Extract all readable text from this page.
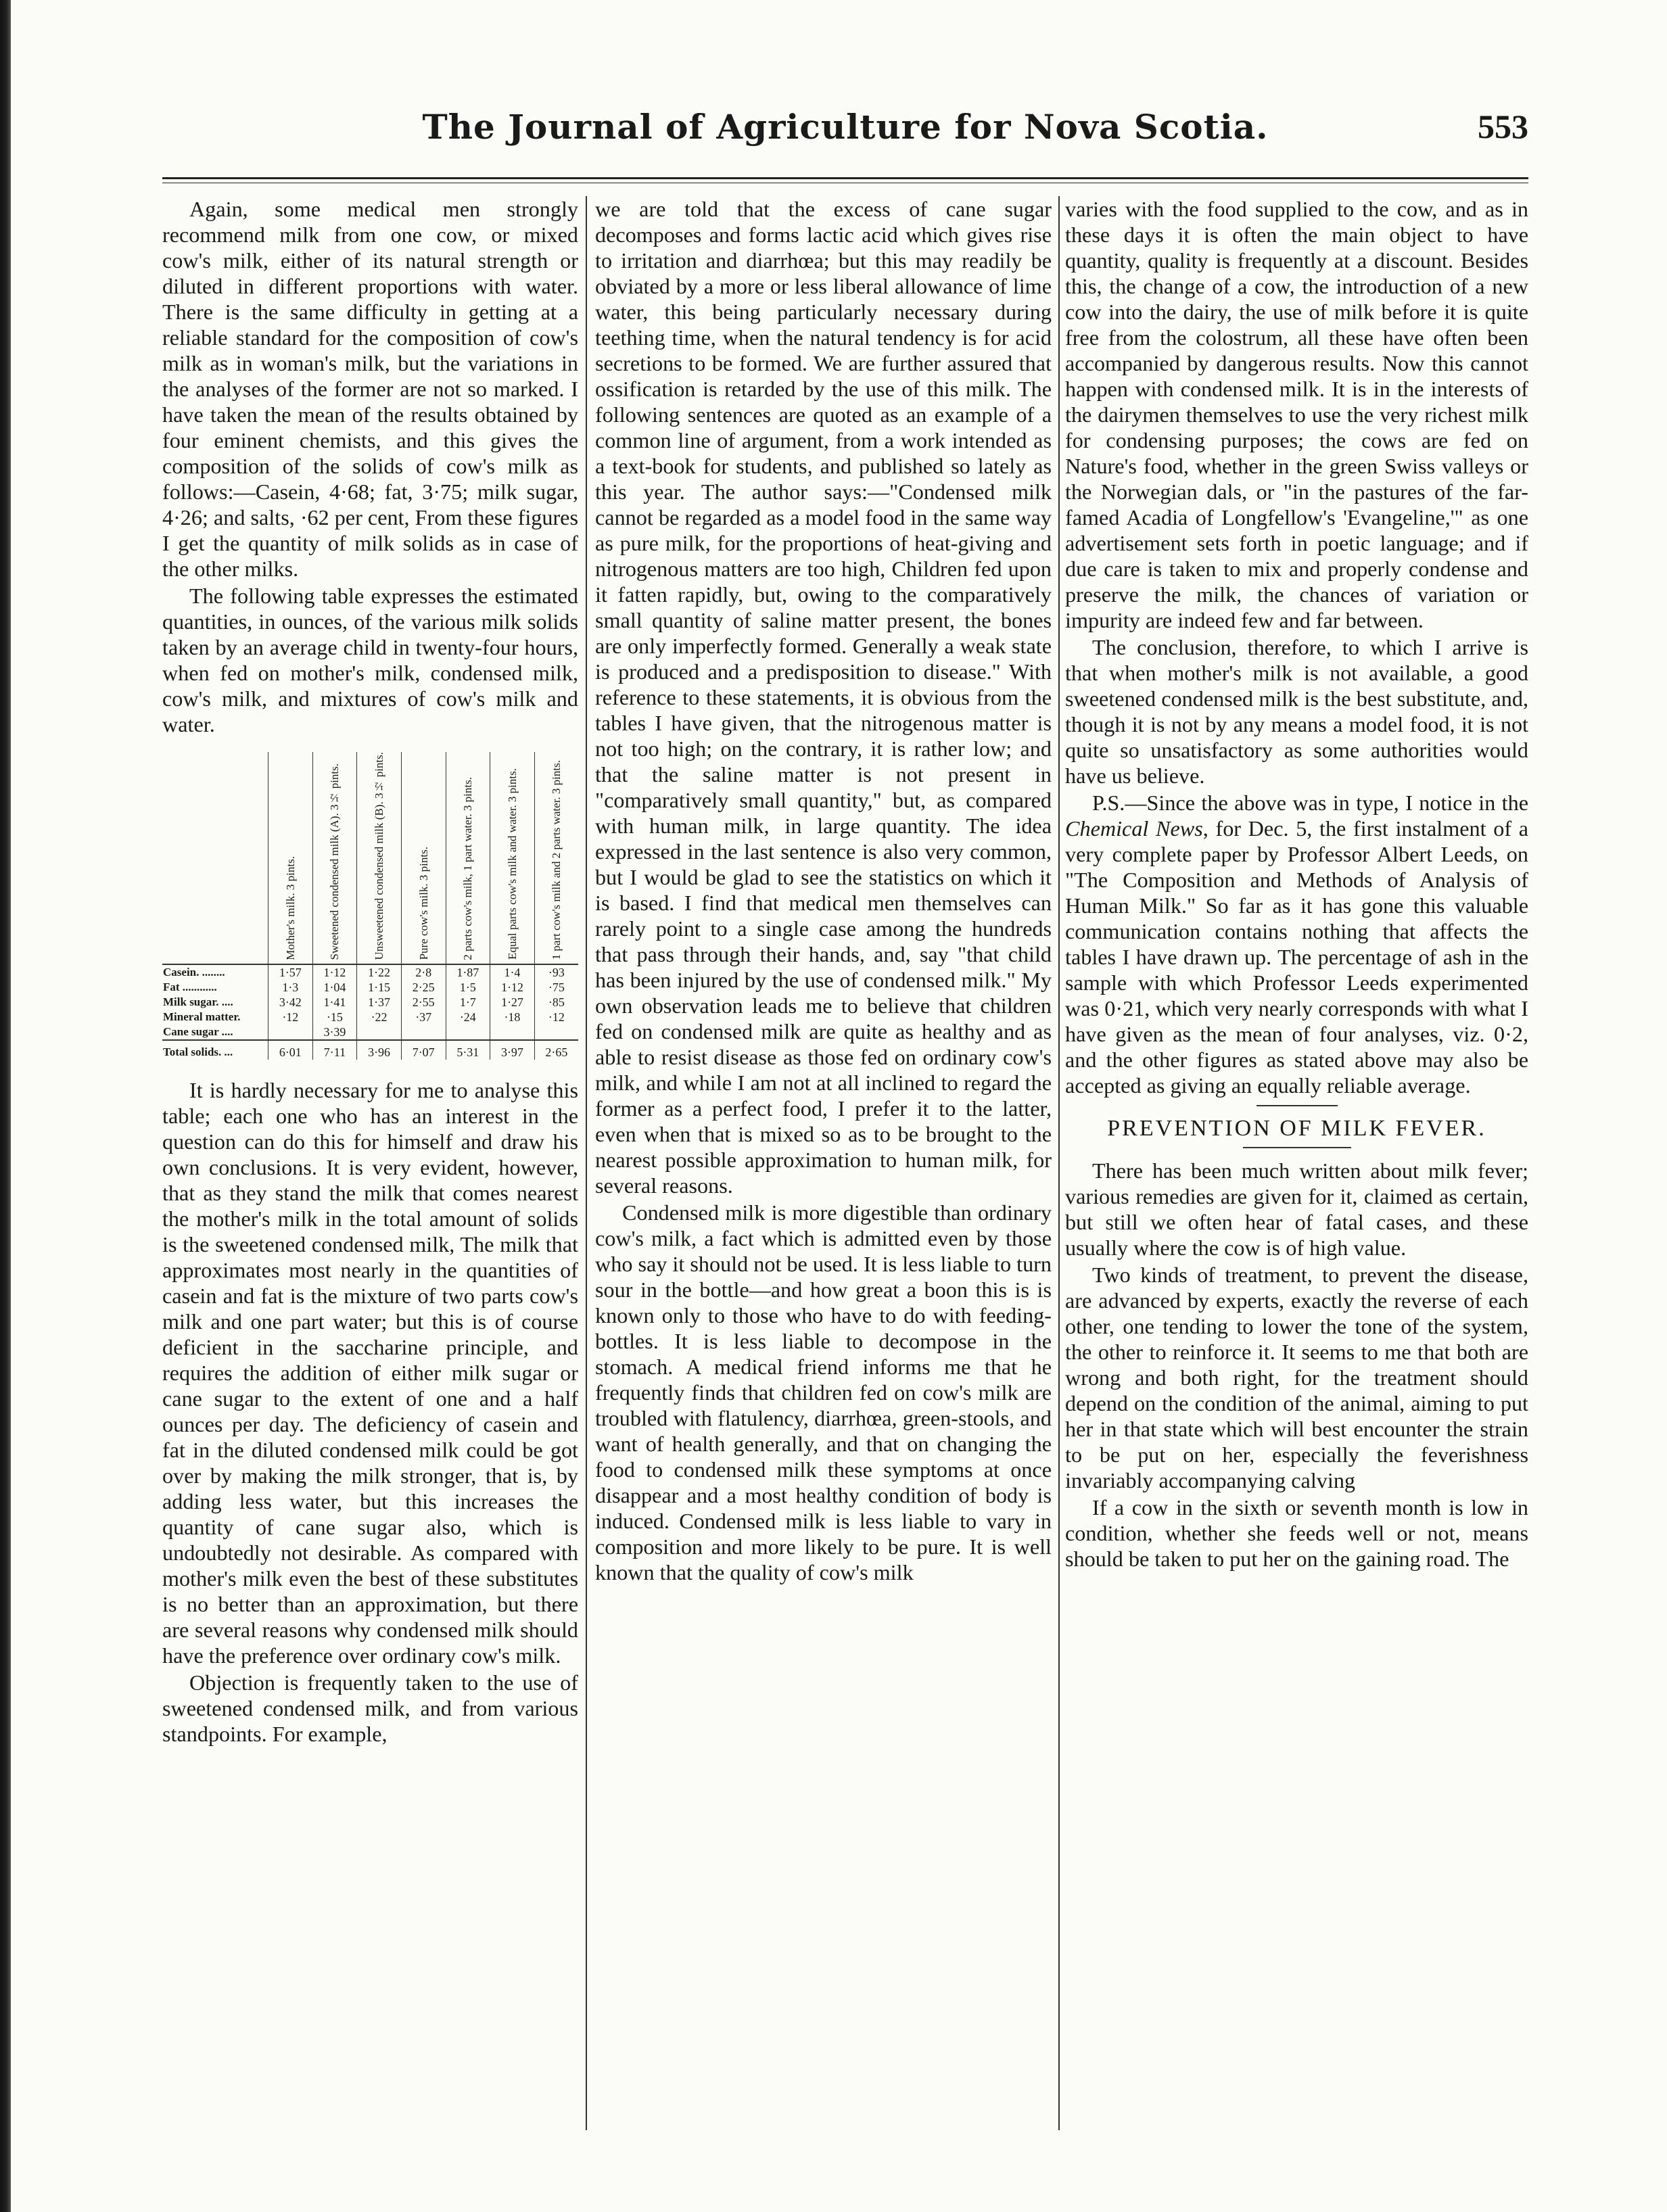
The Journal of Agriculture for Nova Scotia.	553

Again, some medical men strongly recommend milk from one cow, or mixed cow's milk, either of its natural strength or diluted in different proportions with water. There is the same difficulty in getting at a reliable standard for the composition of cow's milk as in woman's milk, but the variations in the analyses of the former are not so marked. I have taken the mean of the results obtained by four eminent chemists, and this gives the composition of the solids of cow's milk as follows:—Casein, 4·68; fat, 3·75; milk sugar, 4·26; and salts, ·62 per cent, From these figures I get the quantity of milk solids as in case of the other milks.

The following table expresses the estimated quantities, in ounces, of the various milk solids taken by an average child in twenty-four hours, when fed on mother's milk, condensed milk, cow's milk, and mixtures of cow's milk and water.

	Mother's milk. 3 pints.	Sweetened condensed milk (A). 3½ pints.	Unsweetened condensed milk (B). 3½ pints.	Pure cow's milk. 3 pints.	2 parts cow's milk, 1 part water. 3 pints.	Equal parts cow's milk and water. 3 pints.	1 part cow's milk and 2 parts water. 3 pints.

Casein. ........	1·57	1·12	1·22	2·8	1·87	1·4	·93
Fat ............	1·3	1·04	1·15	2·25	1·5	1·12	·75
Milk sugar. ....	3·42	1·41	1·37	2·55	1·7	1·27	·85
Mineral matter.	·12	·15	·22	·37	·24	·18	·12
Cane sugar ....		3·39					
Total solids. ...	6·01	7·11	3·96	7·07	5·31	3·97	2·65

It is hardly necessary for me to analyse this table; each one who has an interest in the question can do this for himself and draw his own conclusions. It is very evident, however, that as they stand the milk that comes nearest the mother's milk in the total amount of solids is the sweetened condensed milk, The milk that approximates most nearly in the quantities of casein and fat is the mixture of two parts cow's milk and one part water; but this is of course deficient in the saccharine principle, and requires the addition of either milk sugar or cane sugar to the extent of one and a half ounces per day. The deficiency of casein and fat in the diluted condensed milk could be got over by making the milk stronger, that is, by adding less water, but this increases the quantity of cane sugar also, which is undoubtedly not desirable. As compared with mother's milk even the best of these substitutes is no better than an approximation, but there are several reasons why condensed milk should have the preference over ordinary cow's milk.

Objection is frequently taken to the use of sweetened condensed milk, and from various standpoints. For example,

we are told that the excess of cane sugar decomposes and forms lactic acid which gives rise to irritation and diarrhœa; but this may readily be obviated by a more or less liberal allowance of lime water, this being particularly necessary during teething time, when the natural tendency is for acid secretions to be formed. We are further assured that ossification is retarded by the use of this milk. The following sentences are quoted as an example of a common line of argument, from a work intended as a text-book for students, and published so lately as this year. The author says:—"Condensed milk cannot be regarded as a model food in the same way as pure milk, for the proportions of heat-giving and nitrogenous matters are too high, Children fed upon it fatten rapidly, but, owing to the comparatively small quantity of saline matter present, the bones are only imperfectly formed. Generally a weak state is produced and a predisposition to disease." With reference to these statements, it is obvious from the tables I have given, that the nitrogenous matter is not too high; on the contrary, it is rather low; and that the saline matter is not present in "comparatively small quantity," but, as compared with human milk, in large quantity. The idea expressed in the last sentence is also very common, but I would be glad to see the statistics on which it is based. I find that medical men themselves can rarely point to a single case among the hundreds that pass through their hands, and, say "that child has been injured by the use of condensed milk." My own observation leads me to believe that children fed on condensed milk are quite as healthy and as able to resist disease as those fed on ordinary cow's milk, and while I am not at all inclined to regard the former as a perfect food, I prefer it to the latter, even when that is mixed so as to be brought to the nearest possible approximation to human milk, for several reasons.

Condensed milk is more digestible than ordinary cow's milk, a fact which is admitted even by those who say it should not be used. It is less liable to turn sour in the bottle—and how great a boon this is is known only to those who have to do with feeding-bottles. It is less liable to decompose in the stomach. A medical friend informs me that he frequently finds that children fed on cow's milk are troubled with flatulency, diarrhœa, green-stools, and want of health generally, and that on changing the food to condensed milk these symptoms at once disappear and a most healthy condition of body is induced. Condensed milk is less liable to vary in composition and more likely to be pure. It is well known that the quality of cow's milk

varies with the food supplied to the cow, and as in these days it is often the main object to have quantity, quality is frequently at a discount. Besides this, the change of a cow, the introduction of a new cow into the dairy, the use of milk before it is quite free from the colostrum, all these have often been accompanied by dangerous results. Now this cannot happen with condensed milk. It is in the interests of the dairymen themselves to use the very richest milk for condensing purposes; the cows are fed on Nature's food, whether in the green Swiss valleys or the Norwegian dals, or "in the pastures of the far-famed Acadia of Longfellow's 'Evangeline,'" as one advertisement sets forth in poetic language; and if due care is taken to mix and properly condense and preserve the milk, the chances of variation or impurity are indeed few and far between.

The conclusion, therefore, to which I arrive is that when mother's milk is not available, a good sweetened condensed milk is the best substitute, and, though it is not by any means a model food, it is not quite so unsatisfactory as some authorities would have us believe.

P.S.—Since the above was in type, I notice in the Chemical News, for Dec. 5, the first instalment of a very complete paper by Professor Albert Leeds, on "The Composition and Methods of Analysis of Human Milk." So far as it has gone this valuable communication contains nothing that affects the tables I have drawn up. The percentage of ash in the sample with which Professor Leeds experimented was 0·21, which very nearly corresponds with what I have given as the mean of four analyses, viz. 0·2, and the other figures as stated above may also be accepted as giving an equally reliable average.

PREVENTION OF MILK FEVER.

There has been much written about milk fever; various remedies are given for it, claimed as certain, but still we often hear of fatal cases, and these usually where the cow is of high value.

Two kinds of treatment, to prevent the disease, are advanced by experts, exactly the reverse of each other, one tending to lower the tone of the system, the other to reinforce it. It seems to me that both are wrong and both right, for the treatment should depend on the condition of the animal, aiming to put her in that state which will best encounter the strain to be put on her, especially the feverishness invariably accompanying calving

If a cow in the sixth or seventh month is low in condition, whether she feeds well or not, means should be taken to put her on the gaining road. The
